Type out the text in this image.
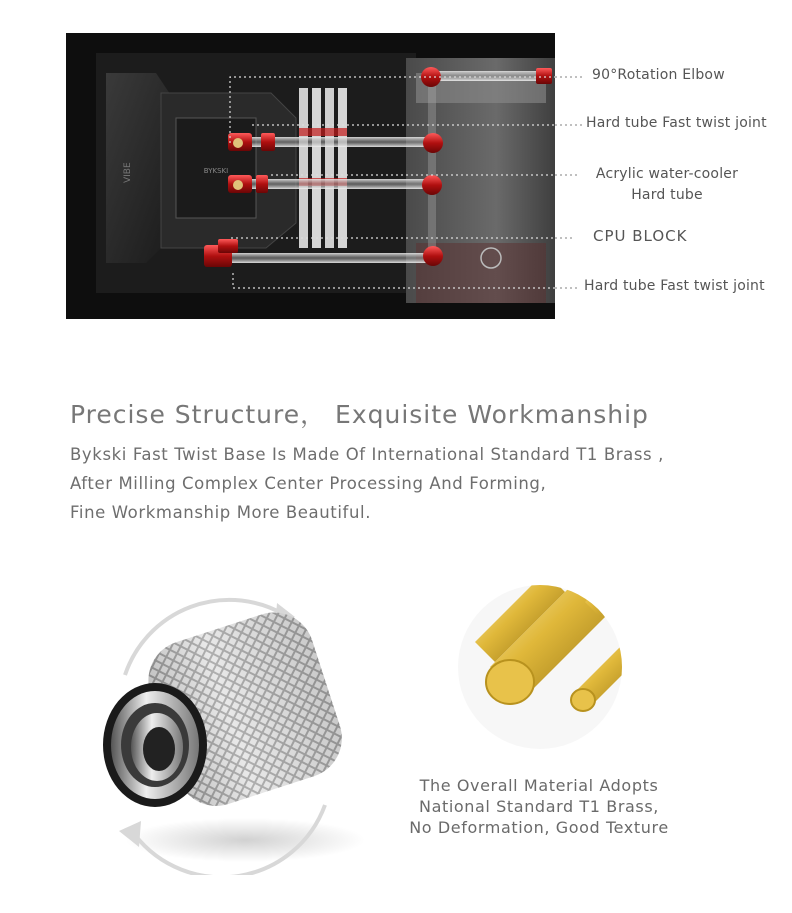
BYKSKI
VIBE
90°Rotation Elbow
Hard tube Fast twist joint
Acrylic water-cooler
Hard tube
CPU BLOCK
Hard tube Fast twist joint
Precise Structure， Exquisite Workmanship
Bykski Fast Twist Base Is Made Of International Standard T1 Brass ,
After Milling Complex Center Processing And Forming,
Fine Workmanship More Beautiful.
The Overall Material Adopts
National Standard T1 Brass,
No Deformation, Good Texture
